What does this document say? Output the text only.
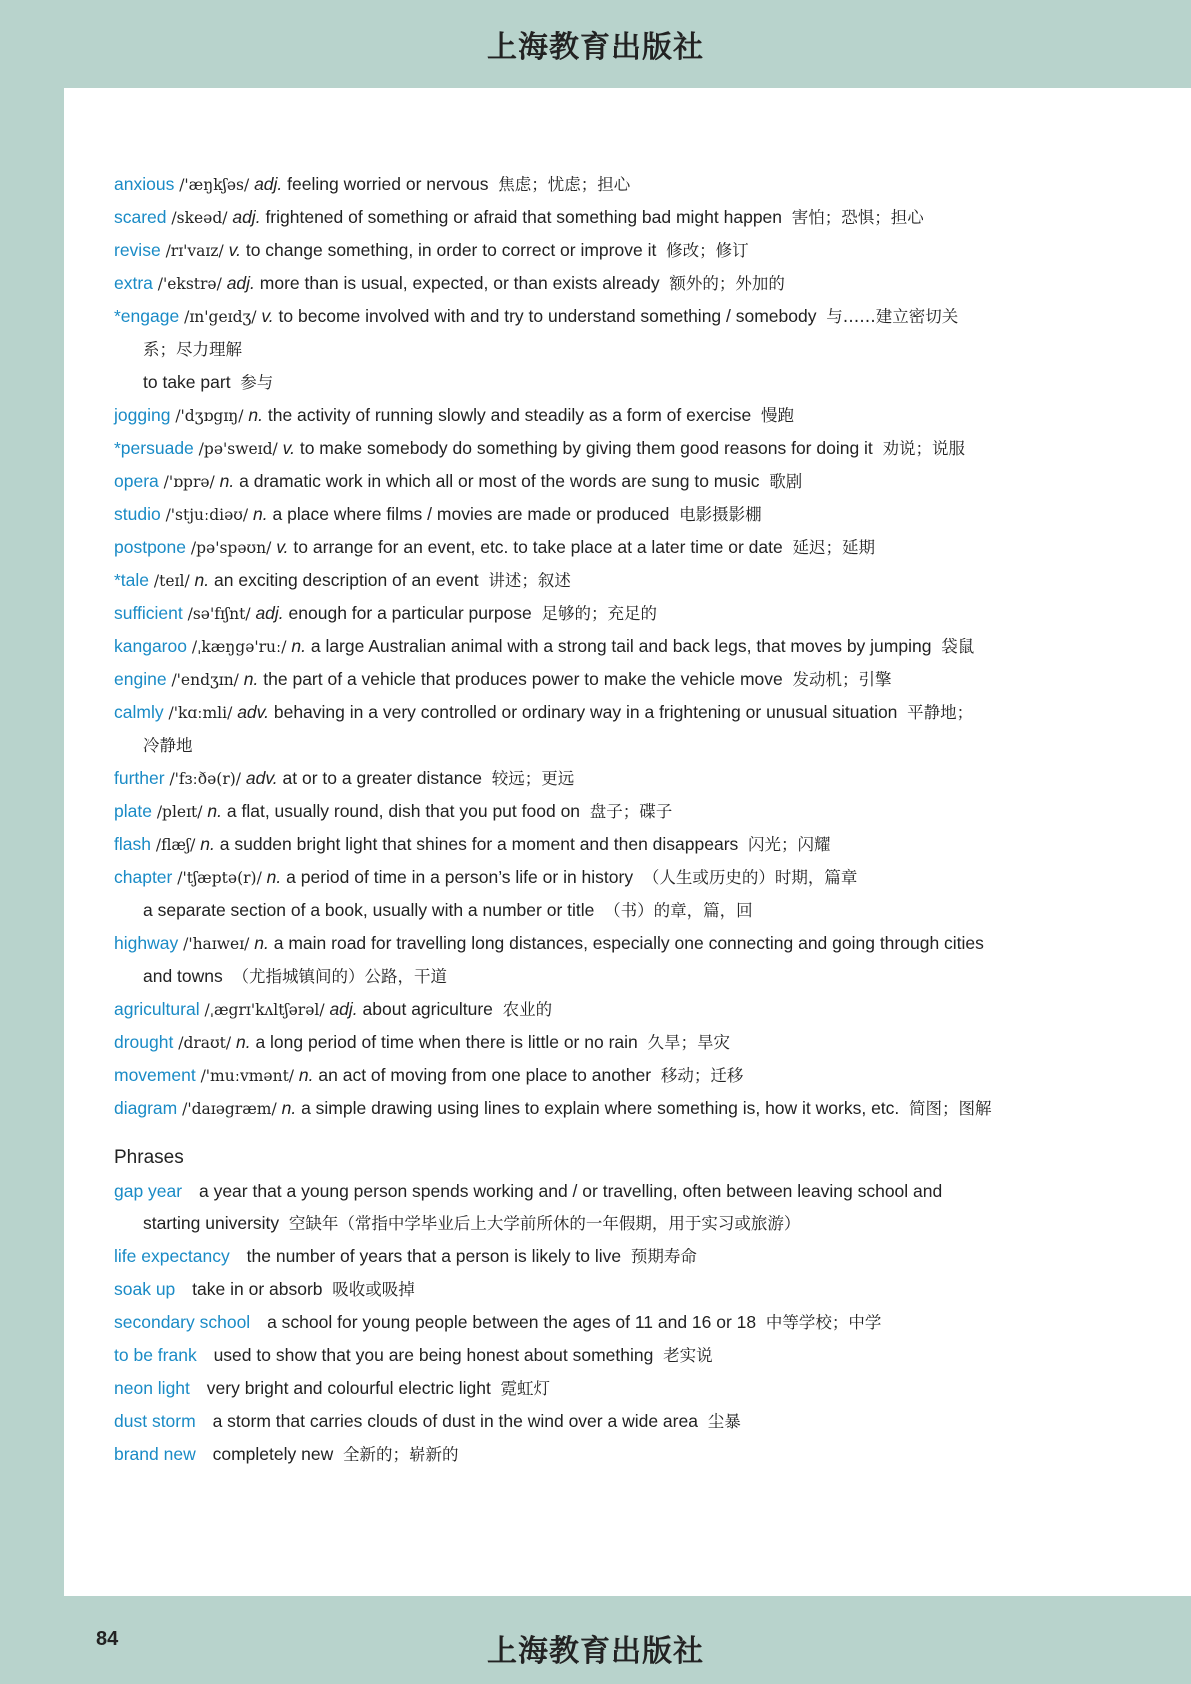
上海教育出版社
anxious /'æŋkʃəs/ adj. feeling worried or nervous 焦虑；忧虑；担心
scared /skeəd/ adj. frightened of something or afraid that something bad might happen 害怕；恐惧；担心
revise /rɪ'vaɪz/ v. to change something, in order to correct or improve it 修改；修订
extra /'ekstrə/ adj. more than is usual, expected, or than exists already 额外的；外加的
*engage /ɪn'geɪdʒ/ v. to become involved with and try to understand something / somebody 与……建立密切关
系；尽力理解
to take part 参与
jogging /'dʒɒgɪŋ/ n. the activity of running slowly and steadily as a form of exercise 慢跑
*persuade /pə'sweɪd/ v. to make somebody do something by giving them good reasons for doing it 劝说；说服
opera /'ɒprə/ n. a dramatic work in which all or most of the words are sung to music 歌剧
studio /'stjuːdiəʊ/ n. a place where films / movies are made or produced 电影摄影棚
postpone /pə'spəʊn/ v. to arrange for an event, etc. to take place at a later time or date 延迟；延期
*tale /teɪl/ n. an exciting description of an event 讲述；叙述
sufficient /sə'fɪʃnt/ adj. enough for a particular purpose 足够的；充足的
kangaroo /ˌkæŋgə'ruː/ n. a large Australian animal with a strong tail and back legs, that moves by jumping 袋鼠
engine /'endʒɪn/ n. the part of a vehicle that produces power to make the vehicle move 发动机；引擎
calmly /'kɑːmli/ adv. behaving in a very controlled or ordinary way in a frightening or unusual situation 平静地；
冷静地
further /'fɜːðə(r)/ adv. at or to a greater distance 较远；更远
plate /pleɪt/ n. a flat, usually round, dish that you put food on 盘子；碟子
flash /flæʃ/ n. a sudden bright light that shines for a moment and then disappears 闪光；闪耀
chapter /'tʃæptə(r)/ n. a period of time in a person’s life or in history （人生或历史的）时期，篇章
a separate section of a book, usually with a number or title （书）的章，篇，回
highway /'haɪweɪ/ n. a main road for travelling long distances, especially one connecting and going through cities
and towns （尤指城镇间的）公路，干道
agricultural /ˌægrɪ'kʌltʃərəl/ adj. about agriculture 农业的
drought /draʊt/ n. a long period of time when there is little or no rain 久旱；旱灾
movement /'muːvmənt/ n. an act of moving from one place to another 移动；迁移
diagram /'daɪəgræm/ n. a simple drawing using lines to explain where something is, how it works, etc. 简图；图解
Phrases
gap year a year that a young person spends working and / or travelling, often between leaving school and
starting university 空缺年（常指中学毕业后上大学前所休的一年假期，用于实习或旅游）
life expectancy the number of years that a person is likely to live 预期寿命
soak up take in or absorb 吸收或吸掉
secondary school a school for young people between the ages of 11 and 16 or 18 中等学校；中学
to be frank used to show that you are being honest about something 老实说
neon light very bright and colourful electric light 霓虹灯
dust storm a storm that carries clouds of dust in the wind over a wide area 尘暴
brand new completely new 全新的；崭新的
84	上海教育出版社
